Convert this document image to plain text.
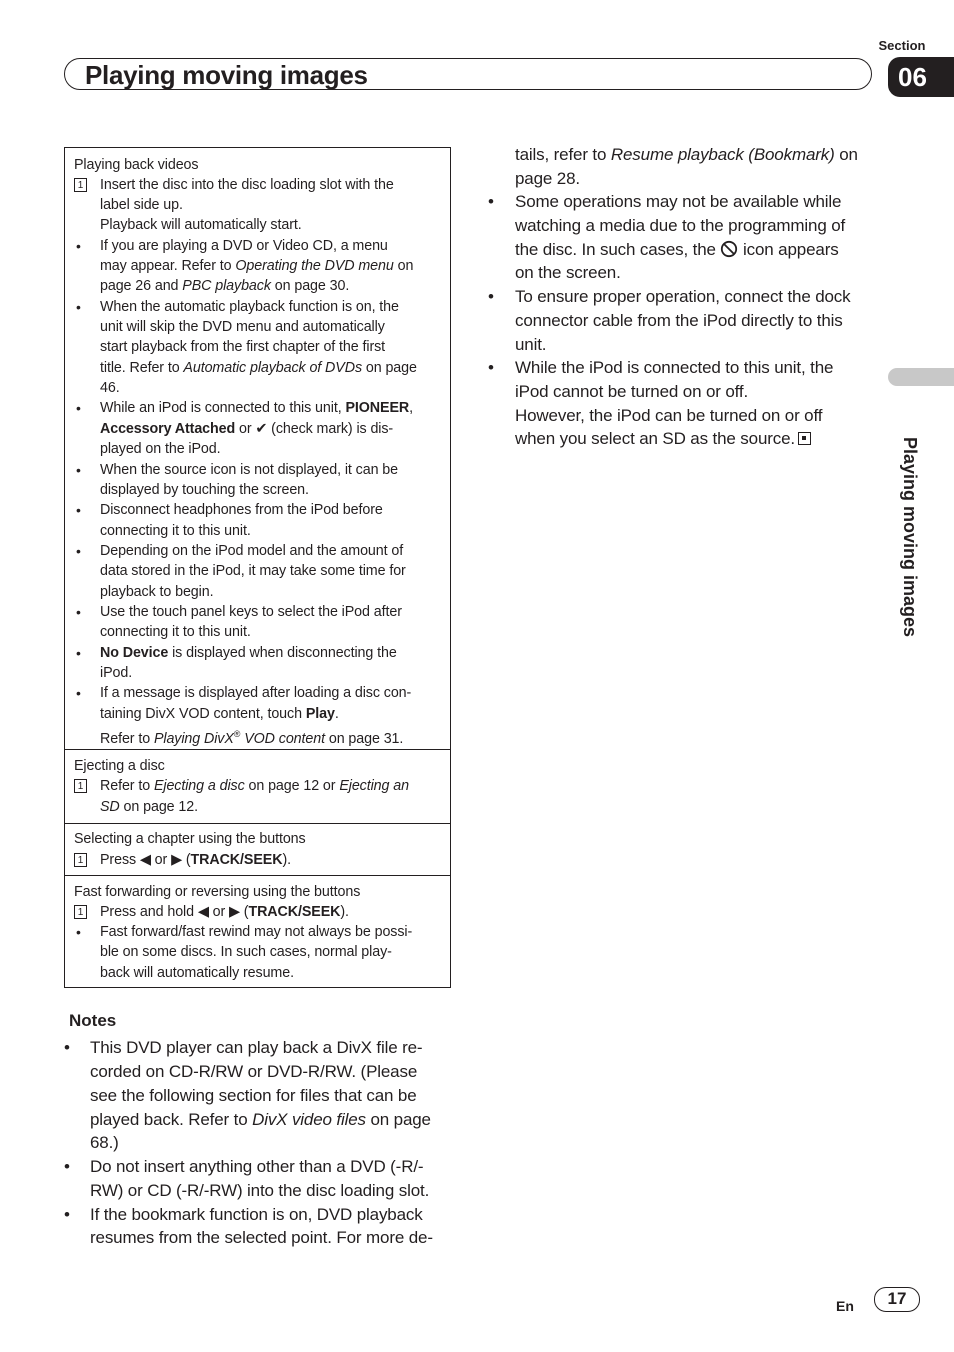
Section
Playing moving images	06
Playing moving images
Playing back videos
1 Insert the disc into the disc loading slot with the
label side up.
Playback will automatically start.
• If you are playing a DVD or Video CD, a menu
may appear. Refer to Operating the DVD menu on
page 26 and PBC playback on page 30.
• When the automatic playback function is on, the
unit will skip the DVD menu and automatically
start playback from the first chapter of the first
title. Refer to Automatic playback of DVDs on page
46.
• While an iPod is connected to this unit, PIONEER,
Accessory Attached or ✔ (check mark) is dis-
played on the iPod.
• When the source icon is not displayed, it can be
displayed by touching the screen.
• Disconnect headphones from the iPod before
connecting it to this unit.
• Depending on the iPod model and the amount of
data stored in the iPod, it may take some time for
playback to begin.
• Use the touch panel keys to select the iPod after
connecting it to this unit.
• No Device is displayed when disconnecting the
iPod.
• If a message is displayed after loading a disc con-
taining DivX VOD content, touch Play.
Refer to Playing DivX® VOD content on page 31.
Ejecting a disc
1 Refer to Ejecting a disc on page 12 or Ejecting an
SD on page 12.
Selecting a chapter using the buttons
1 Press ◀ or ▶ (TRACK/SEEK).
Fast forwarding or reversing using the buttons
1 Press and hold ◀ or ▶ (TRACK/SEEK).
• Fast forward/fast rewind may not always be possi-
ble on some discs. In such cases, normal play-
back will automatically resume.
Notes
• This DVD player can play back a DivX file re-
corded on CD-R/RW or DVD-R/RW. (Please
see the following section for files that can be
played back. Refer to DivX video files on page
68.)
• Do not insert anything other than a DVD (-R/-
RW) or CD (-R/-RW) into the disc loading slot.
• If the bookmark function is on, DVD playback
resumes from the selected point. For more de-
tails, refer to Resume playback (Bookmark) on
page 28.
• Some operations may not be available while
watching a media due to the programming of
the disc. In such cases, the  icon appears
on the screen.
• To ensure proper operation, connect the dock
connector cable from the iPod directly to this
unit.
• While the iPod is connected to this unit, the
iPod cannot be turned on or off.
However, the iPod can be turned on or off
when you select an SD as the source.
En	17
